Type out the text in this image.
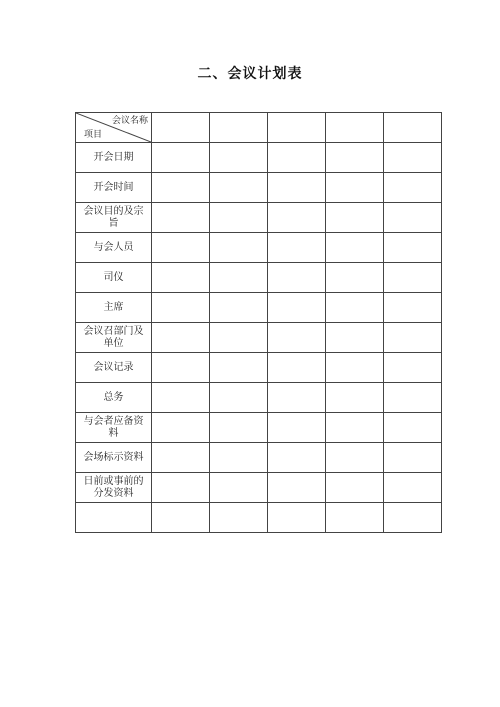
二、会议计划表
会议名称
项目					

开会日期					
开会时间					
会议目的及宗旨					
与会人员					
司仪					
主席					
会议召部门及单位					
会议记录					
总务					
与会者应备资料					
会场标示资料					
日前或事前的分发资料					
